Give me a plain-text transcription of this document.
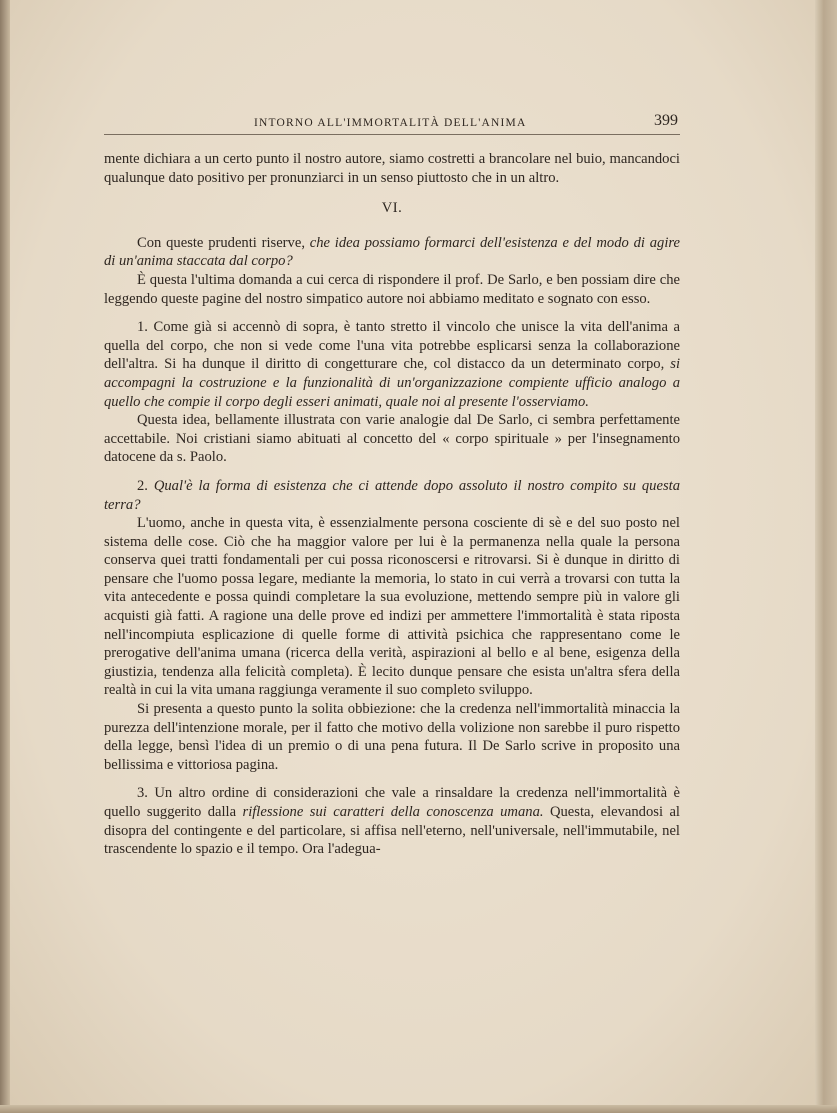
INTORNO ALL'IMMORTALITÀ DELL'ANIMA	399

mente dichiara a un certo punto il nostro autore, siamo costretti a brancolare nel buio, mancandoci qualunque dato positivo per pronunziarci in un senso piuttosto che in un altro.

VI.

Con queste prudenti riserve, che idea possiamo formarci dell'esistenza e del modo di agire di un'anima staccata dal corpo?

È questa l'ultima domanda a cui cerca di rispondere il prof. De Sarlo, e ben possiam dire che leggendo queste pagine del nostro simpatico autore noi abbiamo meditato e sognato con esso.

1. Come già si accennò di sopra, è tanto stretto il vincolo che unisce la vita dell'anima a quella del corpo, che non si vede come l'una vita potrebbe esplicarsi senza la collaborazione dell'altra. Si ha dunque il diritto di congetturare che, col distacco da un determinato corpo, si accompagni la costruzione e la funzionalità di un'organizzazione compiente ufficio analogo a quello che compie il corpo degli esseri animati, quale noi al presente l'osserviamo.

Questa idea, bellamente illustrata con varie analogie dal De Sarlo, ci sembra perfettamente accettabile. Noi cristiani siamo abituati al concetto del « corpo spirituale » per l'insegnamento datocene da s. Paolo.

2. Qual'è la forma di esistenza che ci attende dopo assoluto il nostro compito su questa terra?

L'uomo, anche in questa vita, è essenzialmente persona cosciente di sè e del suo posto nel sistema delle cose. Ciò che ha maggior valore per lui è la permanenza nella quale la persona conserva quei tratti fondamentali per cui possa riconoscersi e ritrovarsi. Si è dunque in diritto di pensare che l'uomo possa legare, mediante la memoria, lo stato in cui verrà a trovarsi con tutta la vita antecedente e possa quindi completare la sua evoluzione, mettendo sempre più in valore gli acquisti già fatti. A ragione una delle prove ed indizi per ammettere l'immortalità è stata riposta nell'incompiuta esplicazione di quelle forme di attività psichica che rappresentano come le prerogative dell'anima umana (ricerca della verità, aspirazioni al bello e al bene, esigenza della giustizia, tendenza alla felicità completa). È lecito dunque pensare che esista un'altra sfera della realtà in cui la vita umana raggiunga veramente il suo completo sviluppo.

Si presenta a questo punto la solita obbiezione: che la credenza nell'immortalità minaccia la purezza dell'intenzione morale, per il fatto che motivo della volizione non sarebbe il puro rispetto della legge, bensì l'idea di un premio o di una pena futura. Il De Sarlo scrive in proposito una bellissima e vittoriosa pagina.

3. Un altro ordine di considerazioni che vale a rinsaldare la credenza nell'immortalità è quello suggerito dalla riflessione sui caratteri della conoscenza umana. Questa, elevandosi al disopra del contingente e del particolare, si affisa nell'eterno, nell'universale, nell'immutabile, nel trascendente lo spazio e il tempo. Ora l'adegua-
